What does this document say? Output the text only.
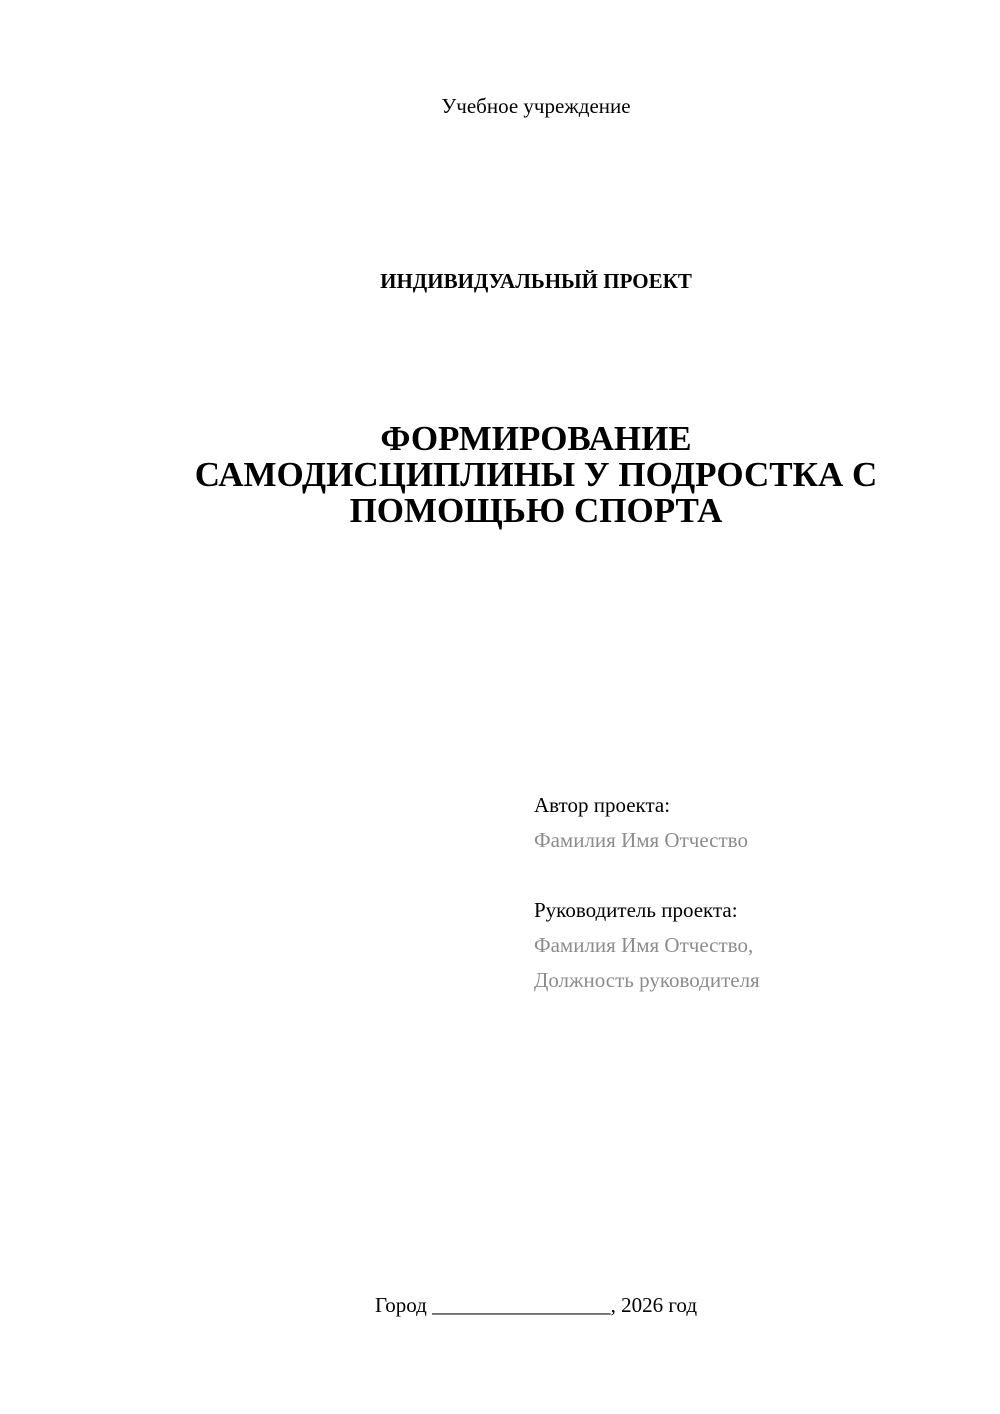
Учебное учреждение
ИНДИВИДУАЛЬНЫЙ ПРОЕКТ
ФОРМИРОВАНИЕ
САМОДИСЦИПЛИНЫ У ПОДРОСТКА С
ПОМОЩЬЮ СПОРТА
Автор проекта:
Фамилия Имя Отчество
Руководитель проекта:
Фамилия Имя Отчество,
Должность руководителя
Город _________________, 2026 год
